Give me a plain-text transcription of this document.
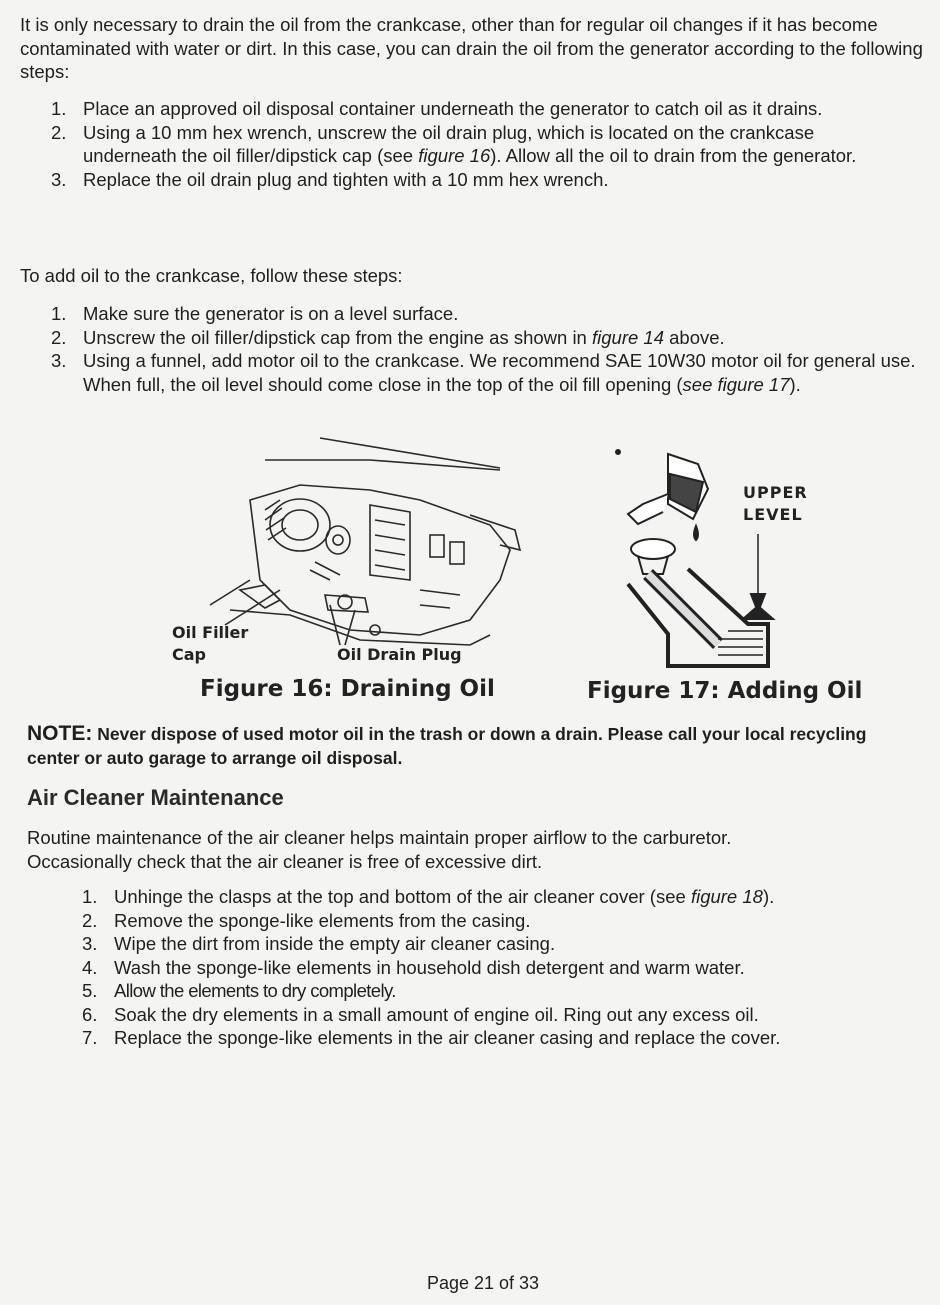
It is only necessary to drain the oil from the crankcase, other than for regular oil changes if it has become contaminated with water or dirt. In this case, you can drain the oil from the generator according to the following steps:

1. Place an approved oil disposal container underneath the generator to catch oil as it drains.
2. Using a 10 mm hex wrench, unscrew the oil drain plug, which is located on the crankcase underneath the oil filler/dipstick cap (see figure 16). Allow all the oil to drain from the generator.
3. Replace the oil drain plug and tighten with a 10 mm hex wrench.

To add oil to the crankcase, follow these steps:

1. Make sure the generator is on a level surface.
2. Unscrew the oil filler/dipstick cap from the engine as shown in figure 14 above.
3. Using a funnel, add motor oil to the crankcase. We recommend SAE 10W30 motor oil for general use. When full, the oil level should come close in the top of the oil fill opening (see figure 17).
Oil Filler
Cap	Oil Drain Plug
Figure 16: Draining Oil
UPPER
LEVEL
Figure 17: Adding Oil

NOTE: Never dispose of used motor oil in the trash or down a drain. Please call your local recycling center or auto garage to arrange oil disposal.

Air Cleaner Maintenance

Routine maintenance of the air cleaner helps maintain proper airflow to the carburetor. Occasionally check that the air cleaner is free of excessive dirt.

1. Unhinge the clasps at the top and bottom of the air cleaner cover (see figure 18).
2. Remove the sponge-like elements from the casing.
3. Wipe the dirt from inside the empty air cleaner casing.
4. Wash the sponge-like elements in household dish detergent and warm water.
5. Allow the elements to dry completely.
6. Soak the dry elements in a small amount of engine oil. Ring out any excess oil.
7. Replace the sponge-like elements in the air cleaner casing and replace the cover.
Page 21 of 33
